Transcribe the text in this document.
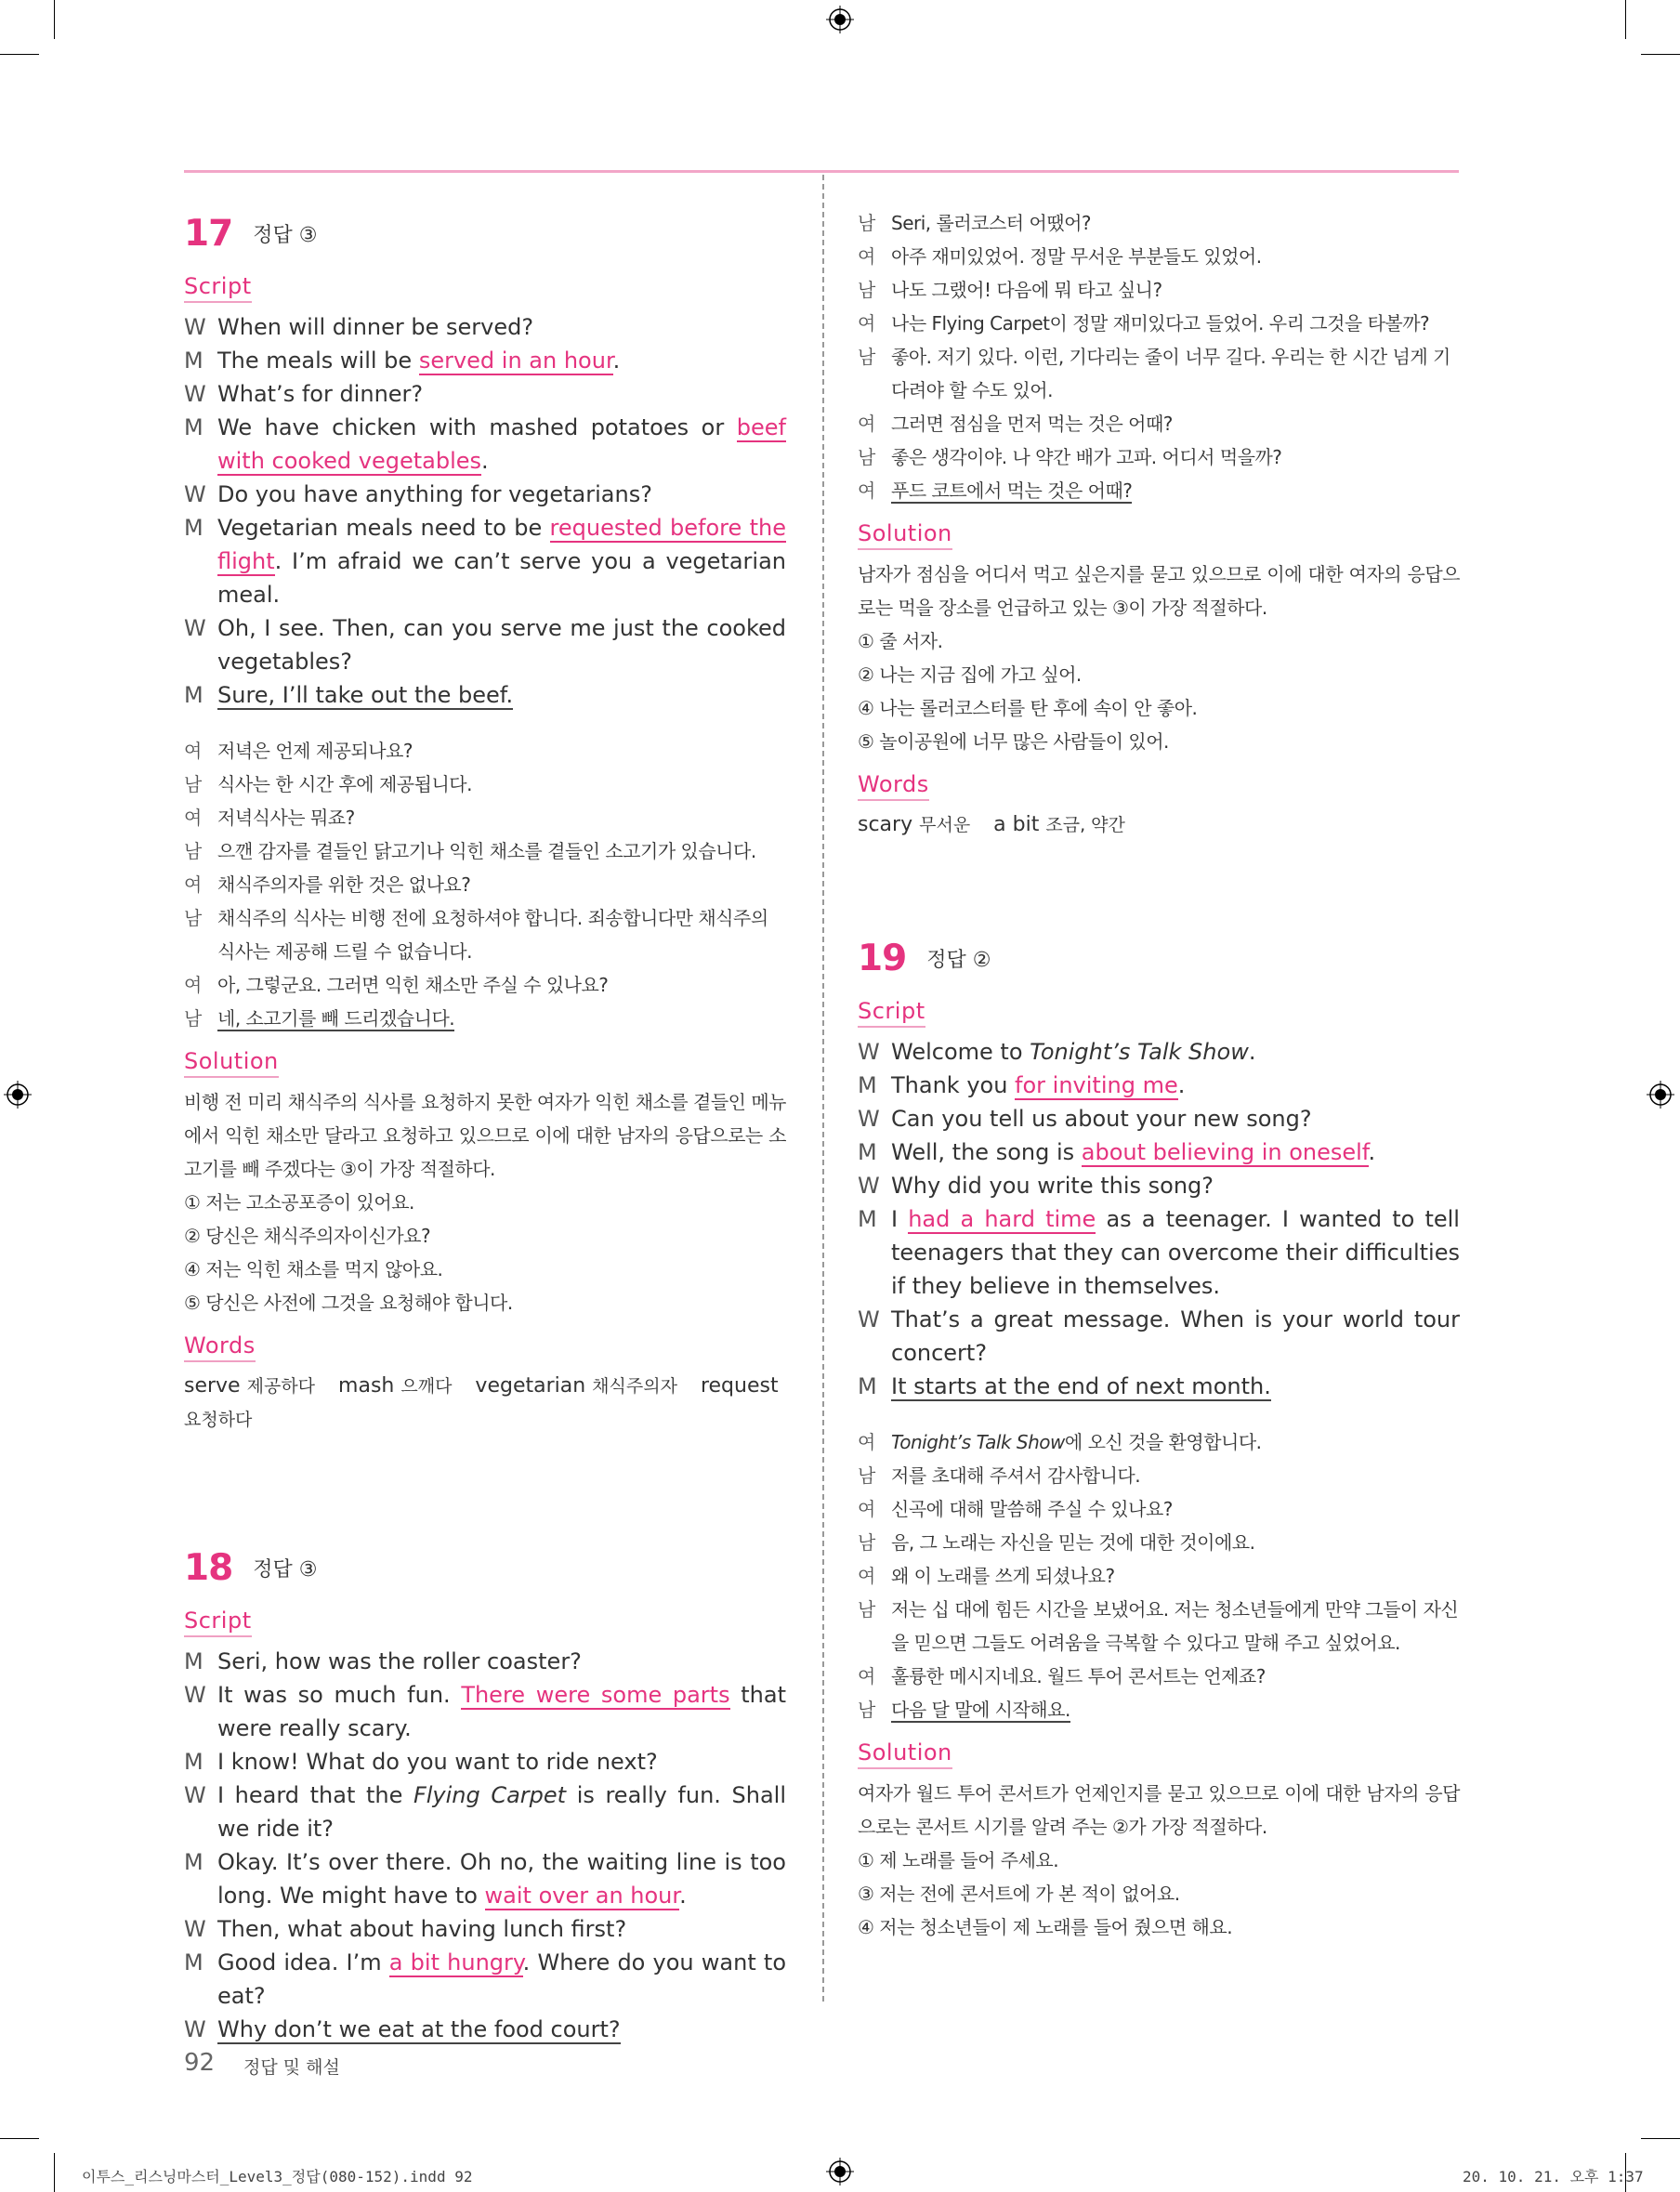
17 정답 ③
Script
W When will dinner be served?
M The meals will be served in an hour.
W What’s for dinner?
M We have chicken with mashed potatoes or beef with cooked vegetables.
W Do you have anything for vegetarians?
M Vegetarian meals need to be requested before the flight. I’m afraid we can’t serve you a vegetarian meal.
W Oh, I see. Then, can you serve me just the cooked vegetables?
M Sure, I’ll take out the beef.
여 저녁은 언제 제공되나요?
남 식사는 한 시간 후에 제공됩니다.
여 저녁식사는 뭐죠?
남 으깬 감자를 곁들인 닭고기나 익힌 채소를 곁들인 소고기가 있습니다.
여 채식주의자를 위한 것은 없나요?
남 채식주의 식사는 비행 전에 요청하셔야 합니다. 죄송합니다만 채식주의 식사는 제공해 드릴 수 없습니다.
여 아, 그렇군요. 그러면 익힌 채소만 주실 수 있나요?
남 네, 소고기를 빼 드리겠습니다.
Solution
비행 전 미리 채식주의 식사를 요청하지 못한 여자가 익힌 채소를 곁들인 메뉴에서 익힌 채소만 달라고 요청하고 있으므로 이에 대한 남자의 응답으로는 소고기를 빼 주겠다는 ③이 가장 적절하다.
① 저는 고소공포증이 있어요.
② 당신은 채식주의자이신가요?
④ 저는 익힌 채소를 먹지 않아요.
⑤ 당신은 사전에 그것을 요청해야 합니다.
Words
serve 제공하다 mash 으깨다 vegetarian 채식주의자 request 요청하다
18 정답 ③
Script
M Seri, how was the roller coaster?
W It was so much fun. There were some parts that were really scary.
M I know! What do you want to ride next?
W I heard that the Flying Carpet is really fun. Shall we ride it?
M Okay. It’s over there. Oh no, the waiting line is too long. We might have to wait over an hour.
W Then, what about having lunch first?
M Good idea. I’m a bit hungry. Where do you want to eat?
W Why don’t we eat at the food court?
남 Seri, 롤러코스터 어땠어?
여 아주 재미있었어. 정말 무서운 부분들도 있었어.
남 나도 그랬어! 다음에 뭐 타고 싶니?
여 나는 Flying Carpet이 정말 재미있다고 들었어. 우리 그것을 타볼까?
남 좋아. 저기 있다. 이런, 기다리는 줄이 너무 길다. 우리는 한 시간 넘게 기다려야 할 수도 있어.
여 그러면 점심을 먼저 먹는 것은 어때?
남 좋은 생각이야. 나 약간 배가 고파. 어디서 먹을까?
여 푸드 코트에서 먹는 것은 어때?
Solution
남자가 점심을 어디서 먹고 싶은지를 묻고 있으므로 이에 대한 여자의 응답으로는 먹을 장소를 언급하고 있는 ③이 가장 적절하다.
① 줄 서자.
② 나는 지금 집에 가고 싶어.
④ 나는 롤러코스터를 탄 후에 속이 안 좋아.
⑤ 놀이공원에 너무 많은 사람들이 있어.
Words
scary 무서운 a bit 조금, 약간
19 정답 ②
Script
W Welcome to Tonight’s Talk Show.
M Thank you for inviting me.
W Can you tell us about your new song?
M Well, the song is about believing in oneself.
W Why did you write this song?
M I had a hard time as a teenager. I wanted to tell teenagers that they can overcome their difficulties if they believe in themselves.
W That’s a great message. When is your world tour concert?
M It starts at the end of next month.
여 Tonight’s Talk Show에 오신 것을 환영합니다.
남 저를 초대해 주셔서 감사합니다.
여 신곡에 대해 말씀해 주실 수 있나요?
남 음, 그 노래는 자신을 믿는 것에 대한 것이에요.
여 왜 이 노래를 쓰게 되셨나요?
남 저는 십 대에 힘든 시간을 보냈어요. 저는 청소년들에게 만약 그들이 자신을 믿으면 그들도 어려움을 극복할 수 있다고 말해 주고 싶었어요.
여 훌륭한 메시지네요. 월드 투어 콘서트는 언제죠?
남 다음 달 말에 시작해요.
Solution
여자가 월드 투어 콘서트가 언제인지를 묻고 있으므로 이에 대한 남자의 응답으로는 콘서트 시기를 알려 주는 ②가 가장 적절하다.
① 제 노래를 들어 주세요.
③ 저는 전에 콘서트에 가 본 적이 없어요.
④ 저는 청소년들이 제 노래를 들어 줬으면 해요.
92 정답 및 해설
이투스_리스닝마스터_Level3_정답(080-152).indd 92	20. 10. 21. 오후 1:37
